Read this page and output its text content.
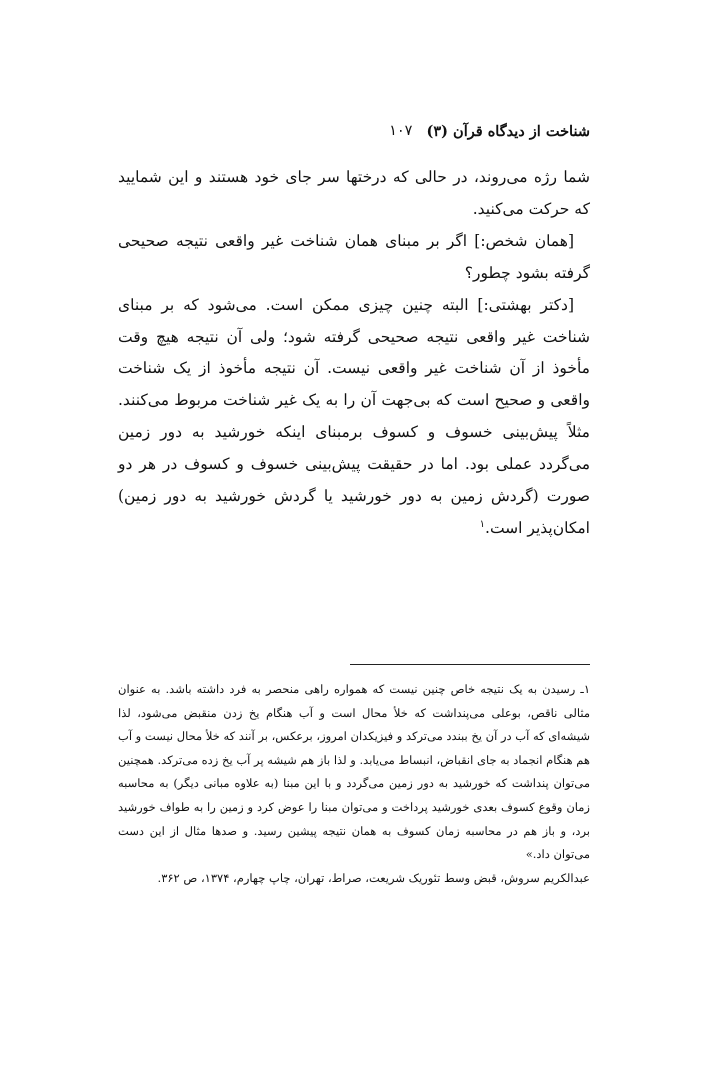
شناخت از دیدگاه قرآن (۳)
۱۰۷

شما رژه می‌روند، در حالی که درختها سر جای خود هستند و این شمایید که حرکت می‌کنید.

[همان شخص:] اگر بر مبنای همان شناخت غیر واقعی نتیجه صحیحی گرفته بشود چطور؟

[دکتر بهشتی:] البته چنین چیزی ممکن است. می‌شود که بر مبنای شناخت غیر واقعی نتیجه صحیحی گرفته شود؛ ولی آن نتیجه هیچ وقت مأخوذ از آن شناخت غیر واقعی نیست. آن نتیجه مأخوذ از یک شناخت واقعی و صحیح است که بی‌جهت آن را به یک غیر شناخت مربوط می‌کنند. مثلاً پیش‌بینی خسوف و کسوف برمبنای اینکه خورشید به دور زمین می‌گردد عملی بود. اما در حقیقت پیش‌بینی خسوف و کسوف در هر دو صورت (گردش زمین به دور خورشید یا گردش خورشید به دور زمین) امکان‌پذیر است.$^۱$

۱ـ رسیدن به یک نتیجه خاص چنین نیست که همواره راهی منحصر به فرد داشته باشد. به عنوان مثالی ناقص، بوعلی می‌پنداشت که خلأ محال است و آب هنگام یخ زدن منقبض می‌شود، لذا شیشه‌ای که آب در آن یخ ببندد می‌ترکد و فیزیکدان امروز، برعکس، بر آنند که خلأ محال نیست و آب هم هنگام انجماد به جای انقباض، انبساط می‌یابد. و لذا باز هم شیشه پر آب یخ زده می‌ترکد. همچنین می‌توان پنداشت که خورشید به دور زمین می‌گردد و با این مبنا (به علاوه مبانی دیگر) به محاسبه زمان وقوع کسوف بعدی خورشید پرداخت و می‌توان مبنا را عوض کرد و زمین را به طواف خورشید برد، و باز هم در محاسبه زمان کسوف به همان نتیجه پیشین رسید. و صدها مثال از این دست می‌توان داد.»

عبدالکریم سروش، قبض وسط تئوریک شریعت، صراط، تهران، چاپ چهارم، ۱۳۷۴، ص ۳۶۲.
